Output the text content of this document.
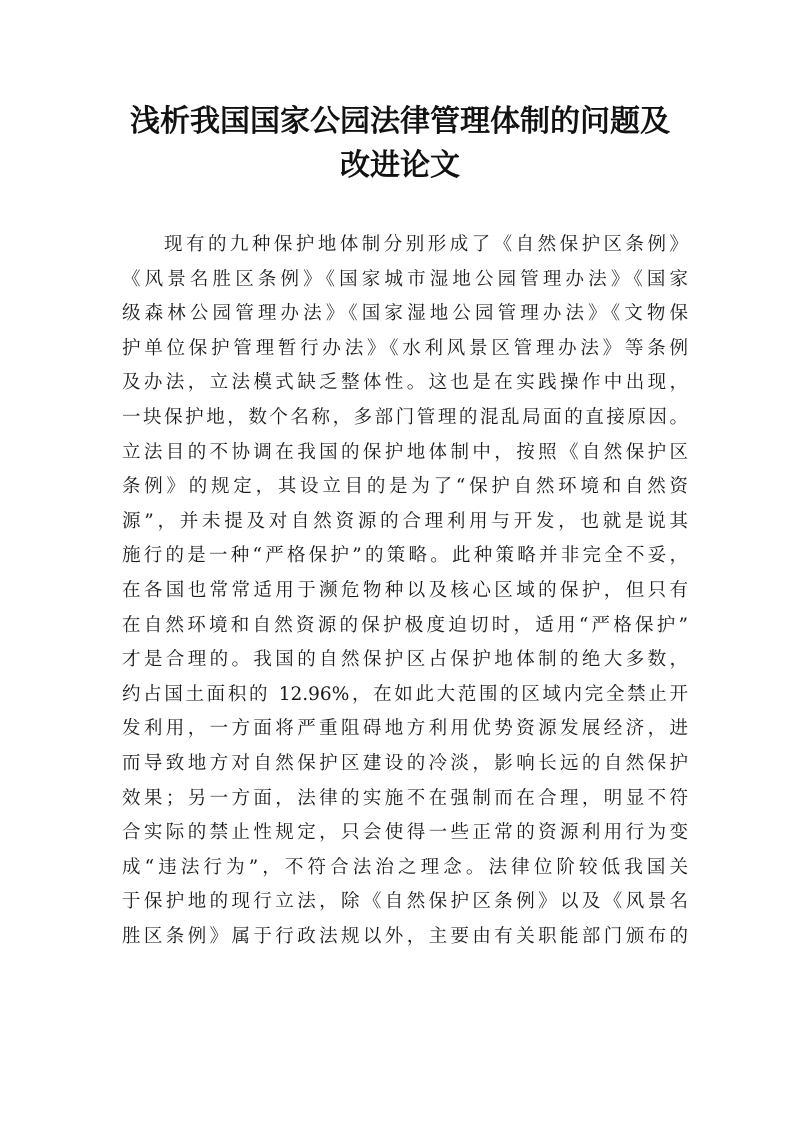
浅析我国国家公园法律管理体制的问题及
改进论文
现有的九种保护地体制分别形成了《自然保护区条例》
《风景名胜区条例》《国家城市湿地公园管理办法》《国家
级森林公园管理办法》《国家湿地公园管理办法》《文物保
护单位保护管理暂行办法》《水利风景区管理办法》等条例
及办法，立法模式缺乏整体性。这也是在实践操作中出现，
一块保护地，数个名称，多部门管理的混乱局面的直接原因。
立法目的不协调在我国的保护地体制中，按照《自然保护区
条例》的规定，其设立目的是为了“保护自然环境和自然资
源”，并未提及对自然资源的合理利用与开发，也就是说其
施行的是一种“严格保护”的策略。此种策略并非完全不妥，
在各国也常常适用于濒危物种以及核心区域的保护，但只有
在自然环境和自然资源的保护极度迫切时，适用“严格保护”
才是合理的。我国的自然保护区占保护地体制的绝大多数，
约占国土面积的 12.96%，在如此大范围的区域内完全禁止开
发利用，一方面将严重阻碍地方利用优势资源发展经济，进
而导致地方对自然保护区建设的冷淡，影响长远的自然保护
效果；另一方面，法律的实施不在强制而在合理，明显不符
合实际的禁止性规定，只会使得一些正常的资源利用行为变
成“违法行为”，不符合法治之理念。法律位阶较低我国关
于保护地的现行立法，除《自然保护区条例》以及《风景名
胜区条例》属于行政法规以外，主要由有关职能部门颁布的
